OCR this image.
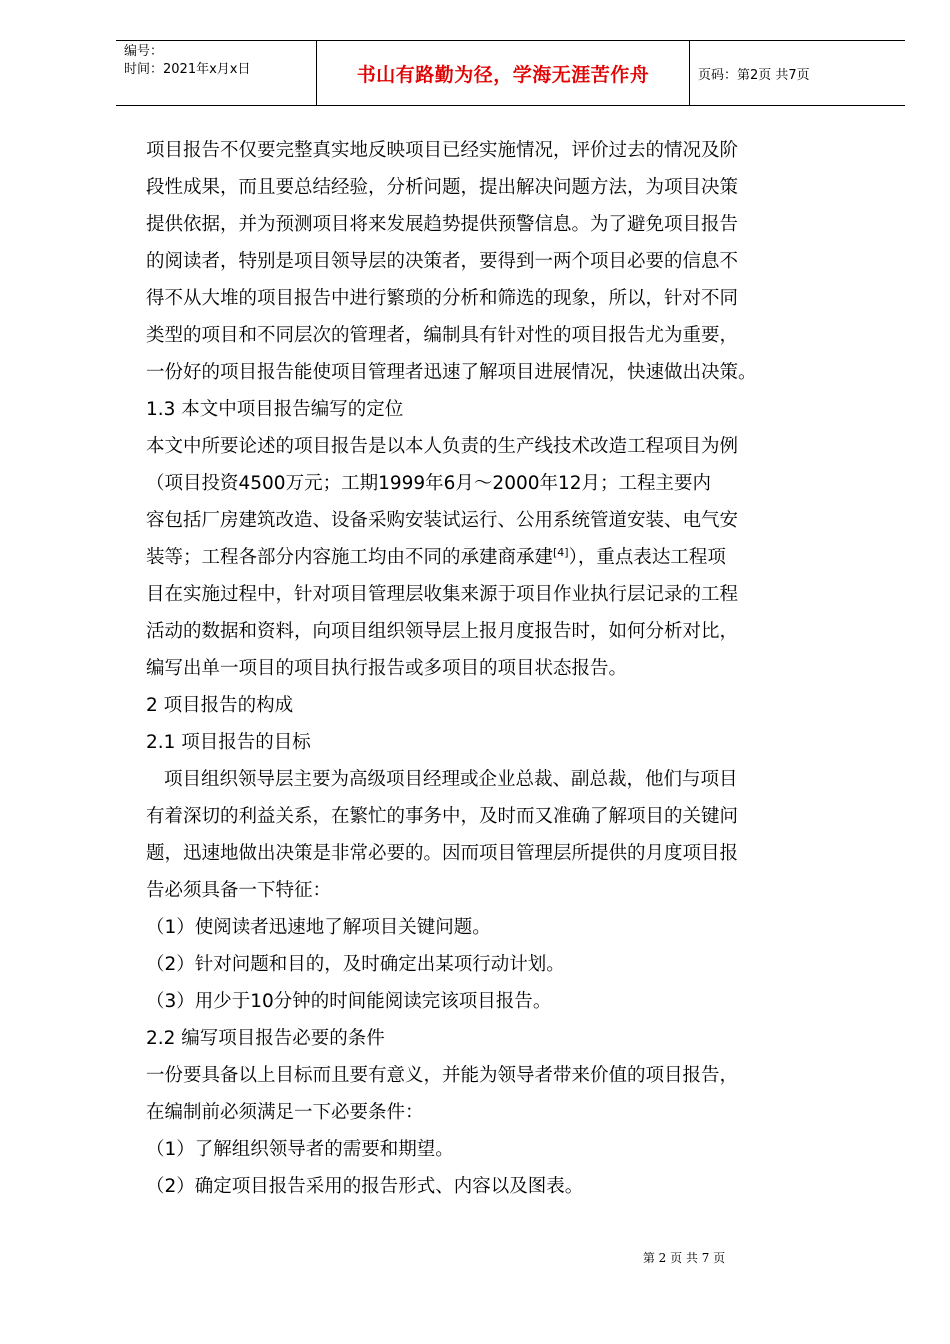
编号：
时间：2021年x月x日	书山有路勤为径，学海无涯苦作舟	页码：第2页 共7页

项目报告不仅要完整真实地反映项目已经实施情况，评价过去的情况及阶

段性成果，而且要总结经验，分析问题，提出解决问题方法，为项目决策

提供依据，并为预测项目将来发展趋势提供预警信息。为了避免项目报告

的阅读者，特别是项目领导层的决策者，要得到一两个项目必要的信息不

得不从大堆的项目报告中进行繁琐的分析和筛选的现象，所以，针对不同

类型的项目和不同层次的管理者，编制具有针对性的项目报告尤为重要，

一份好的项目报告能使项目管理者迅速了解项目进展情况，快速做出决策。

1.3 本文中项目报告编写的定位

本文中所要论述的项目报告是以本人负责的生产线技术改造工程项目为例

（项目投资4500万元；工期1999年6月～2000年12月；工程主要内

容包括厂房建筑改造、设备采购安装试运行、公用系统管道安装、电气安

装等；工程各部分内容施工均由不同的承建商承建[4]），重点表达工程项

目在实施过程中，针对项目管理层收集来源于项目作业执行层记录的工程

活动的数据和资料，向项目组织领导层上报月度报告时，如何分析对比，

编写出单一项目的项目执行报告或多项目的项目状态报告。

2 项目报告的构成

2.1 项目报告的目标

项目组织领导层主要为高级项目经理或企业总裁、副总裁，他们与项目

有着深切的利益关系，在繁忙的事务中，及时而又准确了解项目的关键问

题，迅速地做出决策是非常必要的。因而项目管理层所提供的月度项目报

告必须具备一下特征：

（1）使阅读者迅速地了解项目关键问题。

（2）针对问题和目的，及时确定出某项行动计划。

（3）用少于10分钟的时间能阅读完该项目报告。

2.2 编写项目报告必要的条件

一份要具备以上目标而且要有意义，并能为领导者带来价值的项目报告，

在编制前必须满足一下必要条件：

（1）了解组织领导者的需要和期望。

（2）确定项目报告采用的报告形式、内容以及图表。

第 2 页 共 7 页
